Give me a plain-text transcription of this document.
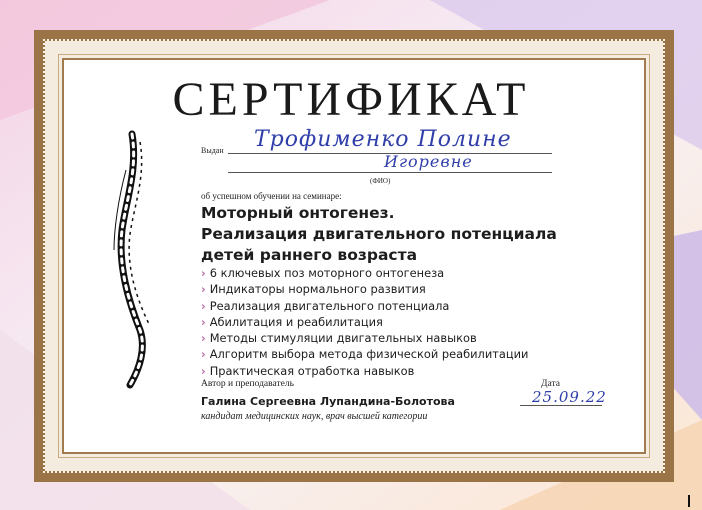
СЕРТИФИКАТ
Выдан Трофименко Полине
Игоревне
(ФИО)
об успешном обучении на семинаре:
Моторный онтогенез.
Реализация двигательного потенциала
детей раннего возраста
› 6 ключевых поз моторного онтогенеза
› Индикаторы нормального развития
› Реализация двигательного потенциала
› Абилитация и реабилитация
› Методы стимуляции двигательных навыков
› Алгоритм выбора метода физической реабилитации
› Практическая отработка навыков
Автор и преподаватель
Галина Сергеевна Лупандина-Болотова
кандидат медицинских наук, врач высшей категории
Дата
25.09.22
